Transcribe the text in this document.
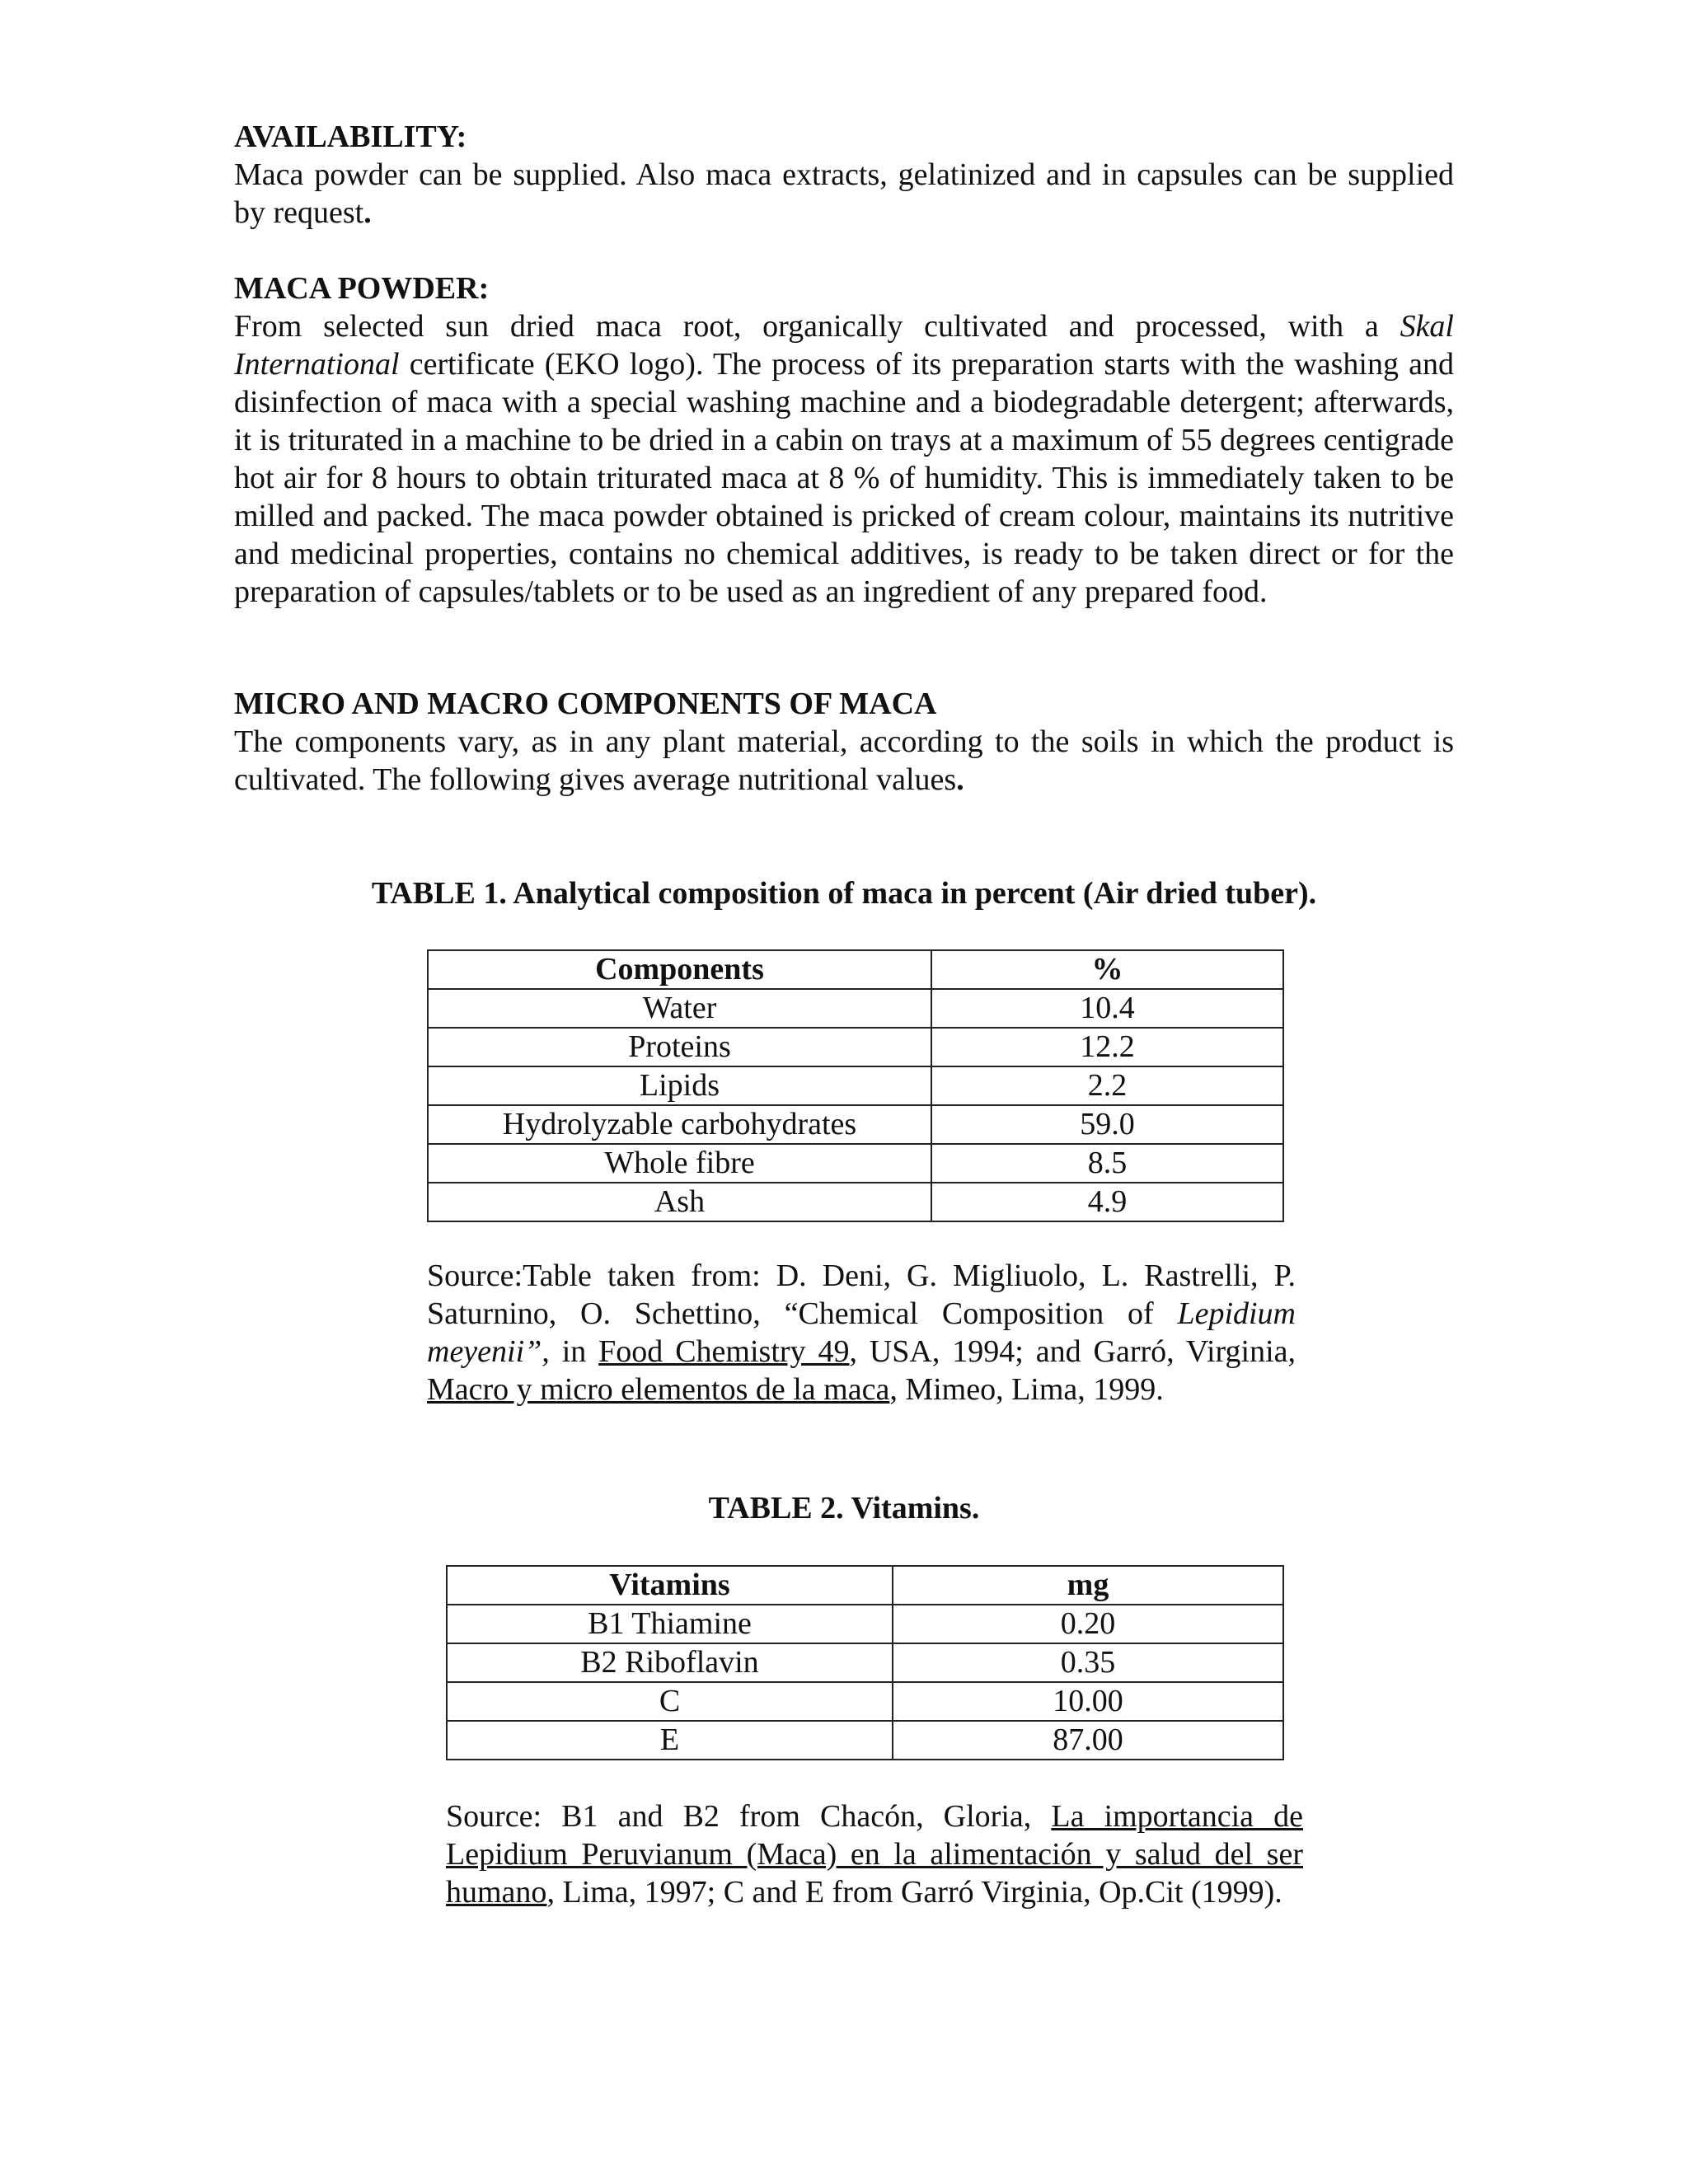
AVAILABILITY:

Maca powder can be supplied. Also maca extracts, gelatinized and in capsules can be supplied by request.

MACA POWDER:

From selected sun dried maca root, organically cultivated and processed, with a Skal International certificate (EKO logo). The process of its preparation starts with the washing and disinfection of maca with a special washing machine and a biodegradable detergent; afterwards, it is triturated in a machine to be dried in a cabin on trays at a maximum of 55 degrees centigrade hot air for 8 hours to obtain triturated maca at 8 % of humidity. This is immediately taken to be milled and packed. The maca powder obtained is pricked of cream colour, maintains its nutritive and medicinal properties, contains no chemical additives, is ready to be taken direct or for the preparation of capsules/tablets or to be used as an ingredient of any prepared food.

MICRO AND MACRO COMPONENTS OF MACA

The components vary, as in any plant material, according to the soils in which the product is cultivated. The following gives average nutritional values.

TABLE 1. Analytical composition of maca in percent (Air dried tuber).

Components	%
Water	10.4
Proteins	12.2
Lipids	2.2
Hydrolyzable carbohydrates	59.0
Whole fibre	8.5
Ash	4.9

Source:Table taken from: D. Deni, G. Migliuolo, L. Rastrelli, P. Saturnino, O. Schettino, “Chemical Composition of Lepidium meyenii”, in Food Chemistry 49, USA, 1994; and Garró, Virginia, Macro y micro elementos de la maca, Mimeo, Lima, 1999.

TABLE 2. Vitamins.

Vitamins	mg
B1 Thiamine	0.20
B2 Riboflavin	0.35
C	10.00
E	87.00

Source: B1 and B2 from Chacón, Gloria, La importancia de Lepidium Peruvianum (Maca) en la alimentación y salud del ser humano, Lima, 1997; C and E from Garró Virginia, Op.Cit (1999).
